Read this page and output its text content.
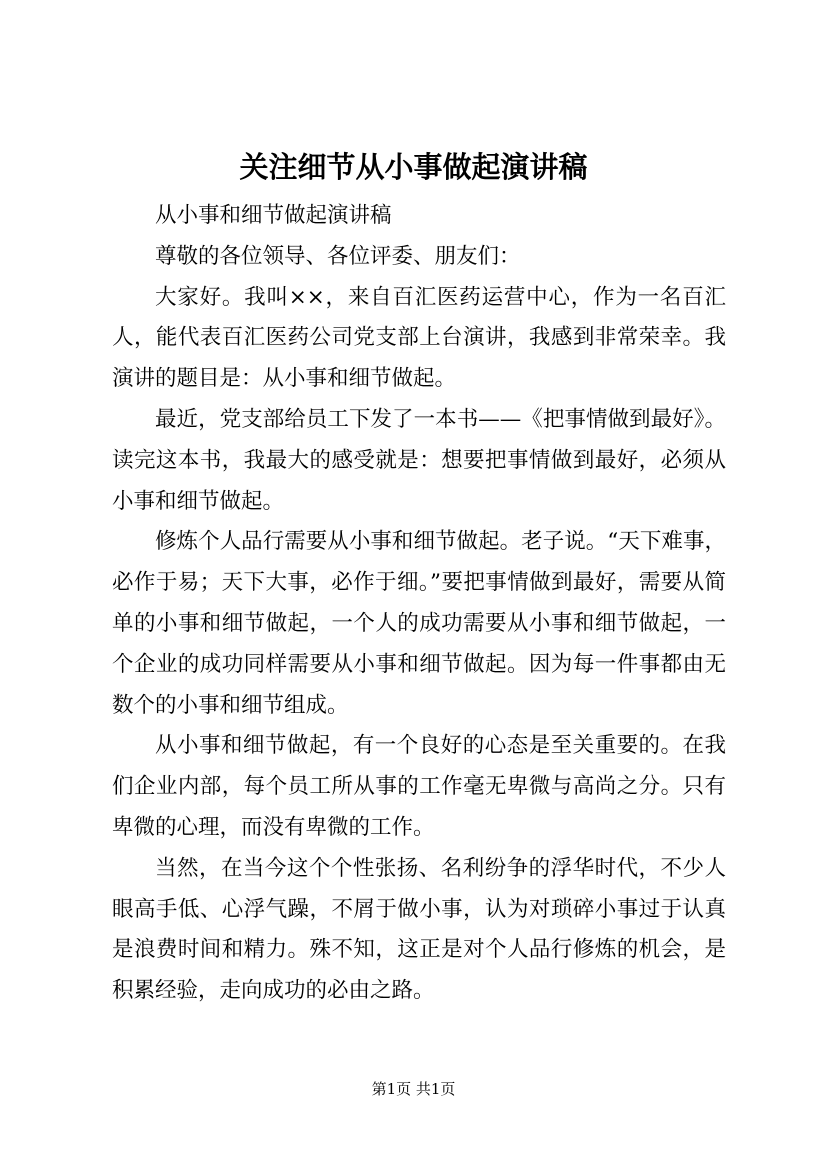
关注细节从小事做起演讲稿

从小事和细节做起演讲稿

尊敬的各位领导、各位评委、朋友们：

大家好。我叫××，来自百汇医药运营中心，作为一名百汇人，能代表百汇医药公司党支部上台演讲，我感到非常荣幸。我演讲的题目是：从小事和细节做起。

最近，党支部给员工下发了一本书——《把事情做到最好》。读完这本书，我最大的感受就是：想要把事情做到最好，必须从小事和细节做起。

修炼个人品行需要从小事和细节做起。老子说。“天下难事，必作于易；天下大事，必作于细。”要把事情做到最好，需要从简单的小事和细节做起，一个人的成功需要从小事和细节做起，一个企业的成功同样需要从小事和细节做起。因为每一件事都由无数个的小事和细节组成。

从小事和细节做起，有一个良好的心态是至关重要的。在我们企业内部，每个员工所从事的工作毫无卑微与高尚之分。只有卑微的心理，而没有卑微的工作。

当然，在当今这个个性张扬、名利纷争的浮华时代，不少人眼高手低、心浮气躁，不屑于做小事，认为对琐碎小事过于认真是浪费时间和精力。殊不知，这正是对个人品行修炼的机会，是积累经验，走向成功的必由之路。

第1页 共1页
